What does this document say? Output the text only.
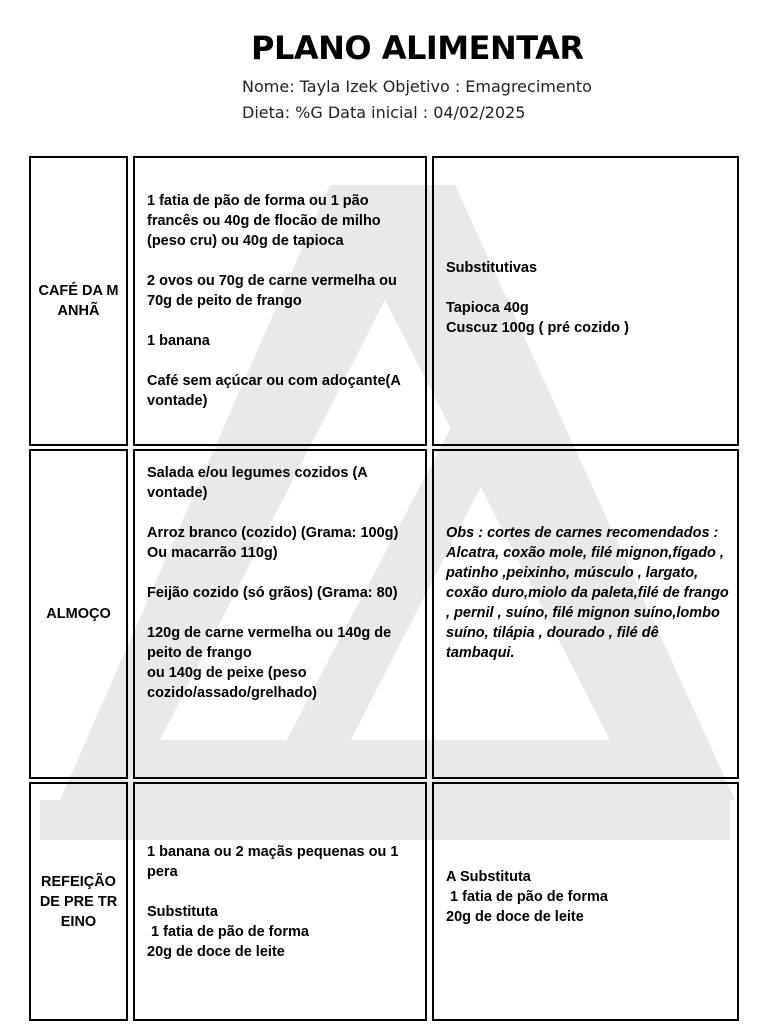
PLANO ALIMENTAR

Nome: Tayla Izek Objetivo : Emagrecimento

Dieta: %G Data inicial : 04/02/2025

CAFÉ DA MANHÃ

1 fatia de pão de forma ou 1 pão francês ou 40g de flocão de milho (peso cru) ou 40g de tapioca

2 ovos ou 70g de carne vermelha ou 70g de peito de frango

1 banana

Café sem açúcar ou com adoçante(A vontade)

Substitutivas

Tapioca 40g

Cuscuz 100g ( pré cozido )

ALMOÇO

Salada e/ou legumes cozidos (A vontade)

Arroz branco (cozido) (Grama: 100g) Ou macarrão 110g)

Feijão cozido (só grãos) (Grama: 80)

120g de carne vermelha ou 140g de peito de frango

ou 140g de peixe (peso cozido/assado/grelhado)

Obs : cortes de carnes recomendados :

Alcatra, coxão mole, filé mignon,fígado , patinho ,peixinho, músculo , largato, coxão duro,miolo da paleta,filé de frango , pernil , suíno, filé mignon suíno,lombo suíno, tilápia , dourado , filé dê tambaqui.

REFEIÇÃO DE PRE TREINO

1 banana ou 2 maçãs pequenas ou 1 pera

Substituta

1 fatia de pão de forma

20g de doce de leite

A Substituta

1 fatia de pão de forma

20g de doce de leite
